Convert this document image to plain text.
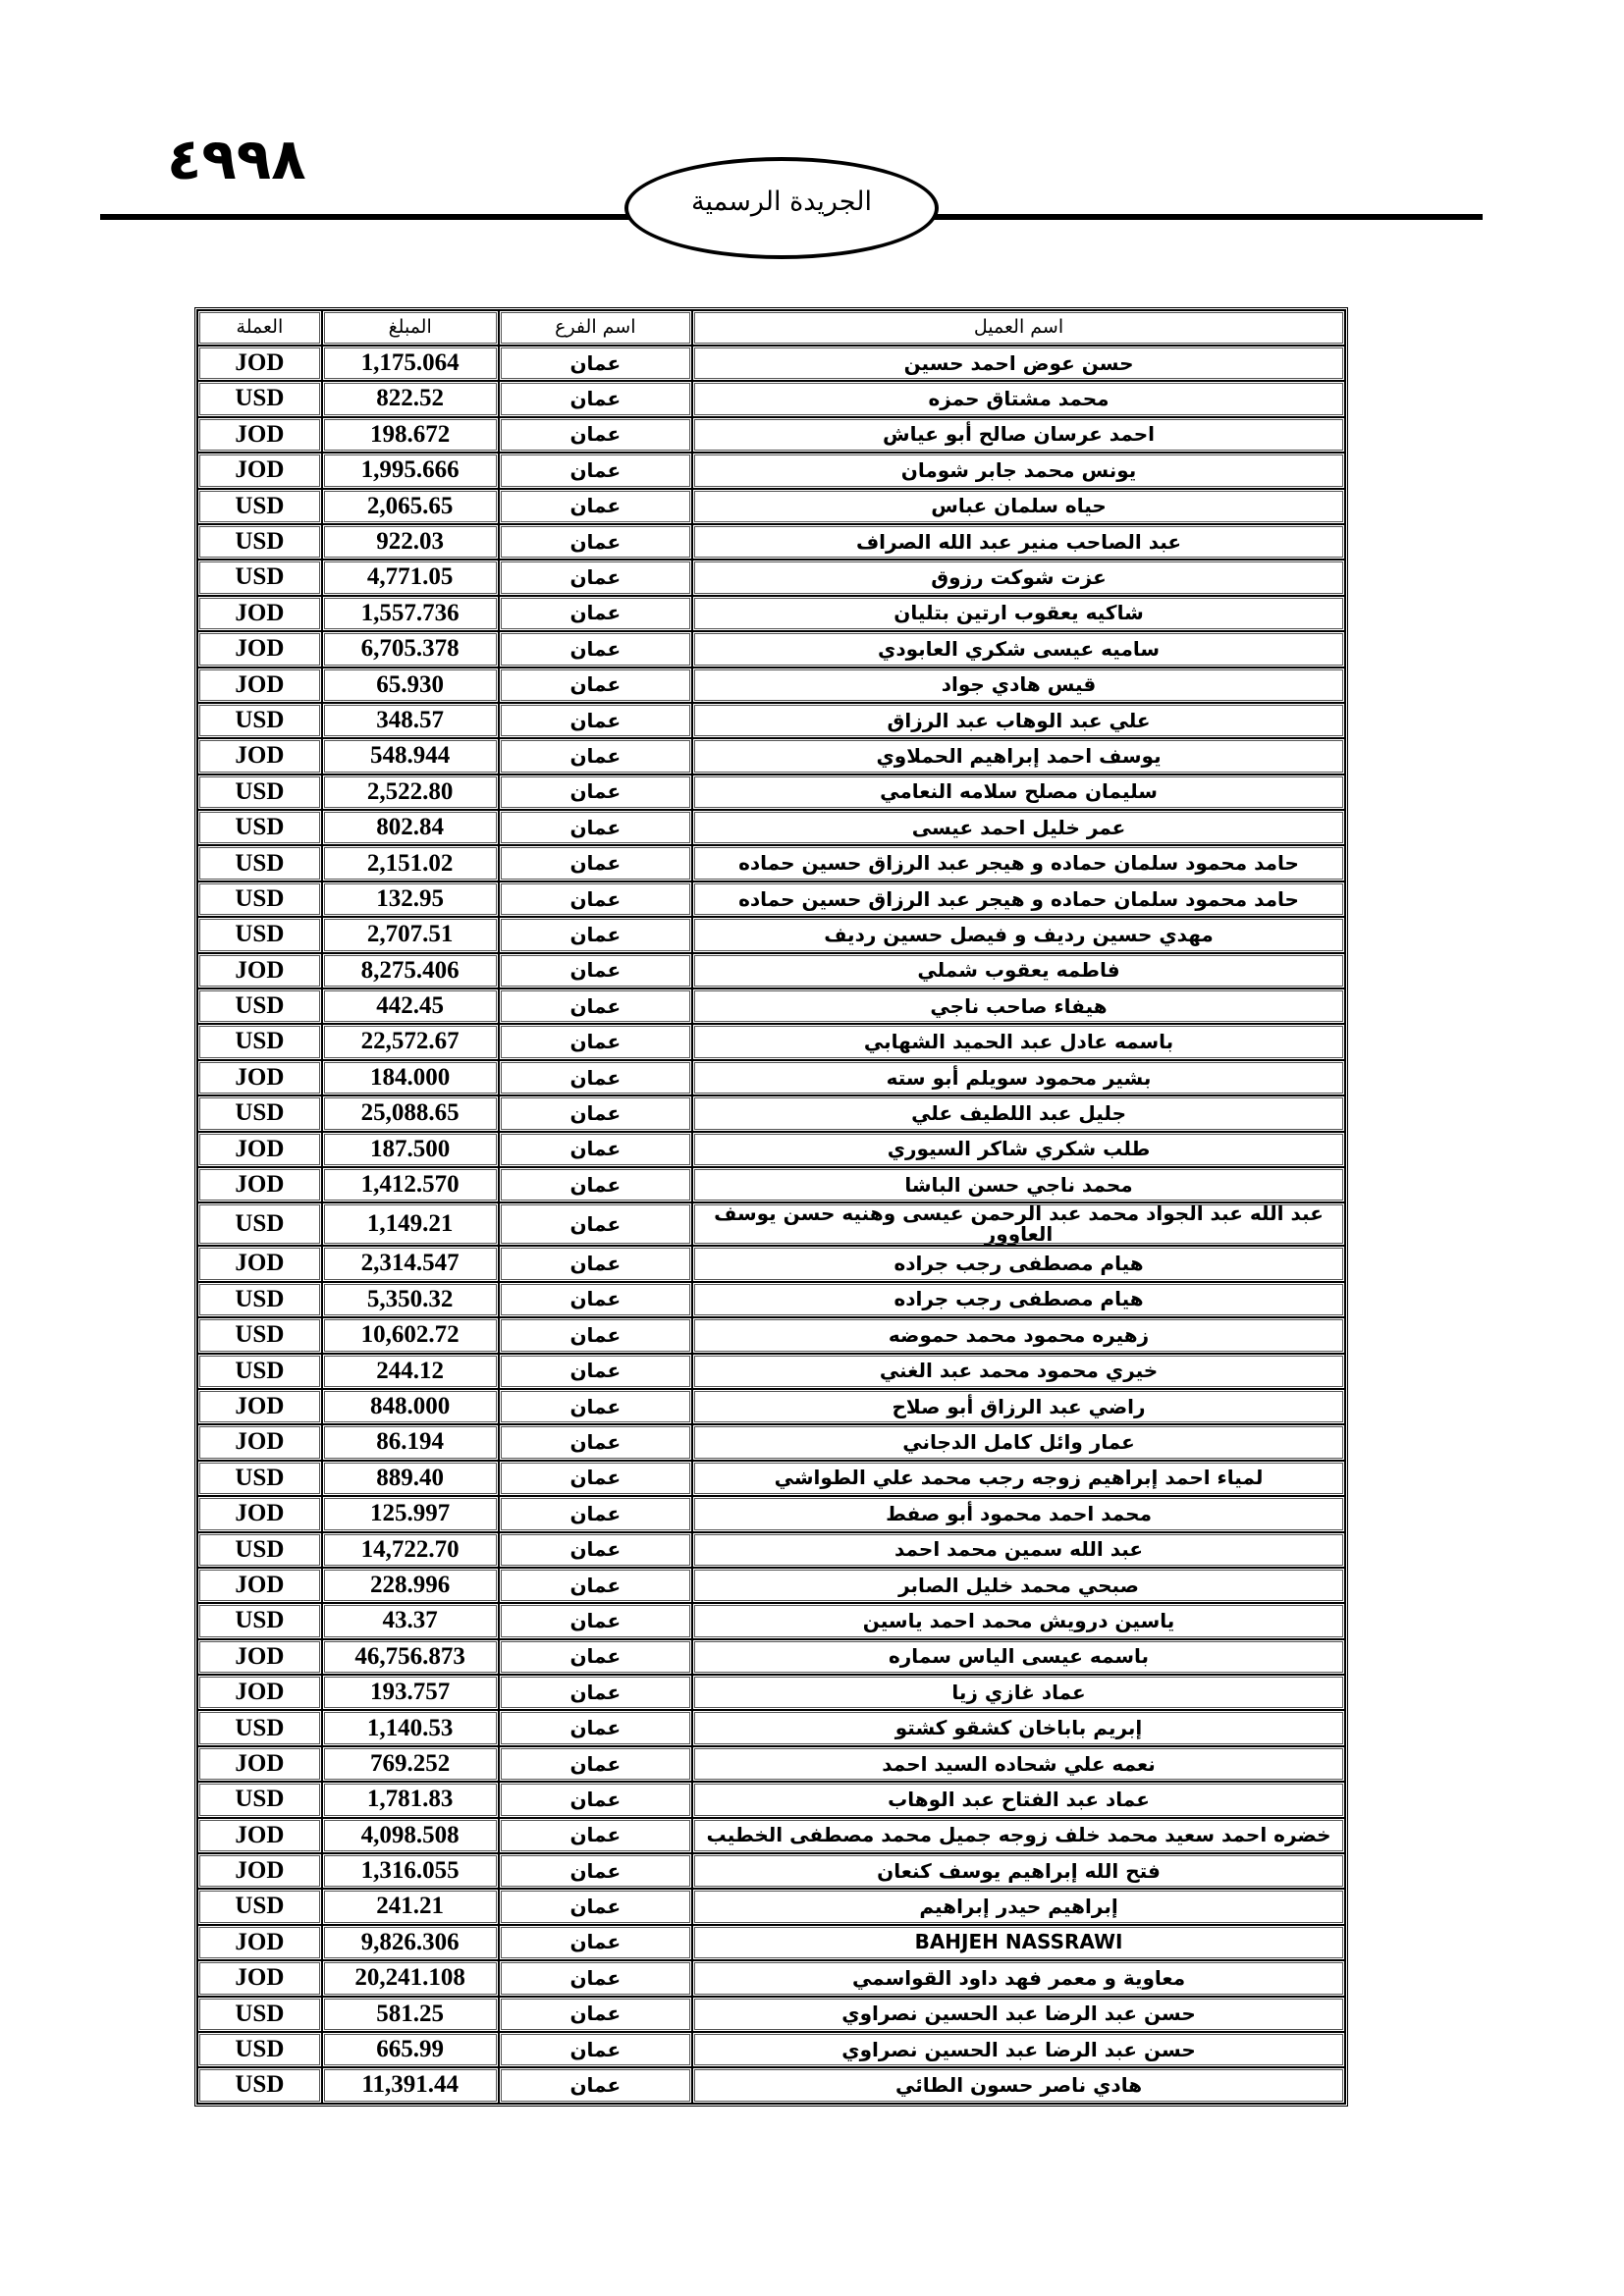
٤٩٩٨
الجريدة الرسمية
اسم العميل	اسم الفرع	المبلغ	العملة
حسن عوض احمد حسين	عمان	1,175.064	JOD
محمد مشتاق حمزه	عمان	822.52	USD
احمد عرسان صالح أبو عياش	عمان	198.672	JOD
يونس محمد جابر شومان	عمان	1,995.666	JOD
حياه سلمان عباس	عمان	2,065.65	USD
عبد الصاحب منير عبد الله الصراف	عمان	922.03	USD
عزت شوكت رزوق	عمان	4,771.05	USD
شاكيه يعقوب ارتين بتليان	عمان	1,557.736	JOD
ساميه عيسى شكري العابودي	عمان	6,705.378	JOD
قيس هادي جواد	عمان	65.930	JOD
علي عبد الوهاب عبد الرزاق	عمان	348.57	USD
يوسف احمد إبراهيم الحملاوي	عمان	548.944	JOD
سليمان مصلح سلامه النعامي	عمان	2,522.80	USD
عمر خليل احمد عيسى	عمان	802.84	USD
حامد محمود سلمان حماده و هيجر عبد الرزاق حسين حماده	عمان	2,151.02	USD
حامد محمود سلمان حماده و هيجر عبد الرزاق حسين حماده	عمان	132.95	USD
مهدي حسين رديف و فيصل حسين رديف	عمان	2,707.51	USD
فاطمه يعقوب شملي	عمان	8,275.406	JOD
هيفاء صاحب ناجي	عمان	442.45	USD
باسمه عادل عبد الحميد الشهابي	عمان	22,572.67	USD
بشير محمود سويلم أبو سته	عمان	184.000	JOD
جليل عبد اللطيف علي	عمان	25,088.65	USD
طلب شكري شاكر السيوري	عمان	187.500	JOD
محمد ناجي حسن الباشا	عمان	1,412.570	JOD
عبد الله عبد الجواد محمد عبد الرحمن عيسى وهنيه حسن يوسف العاوور	عمان	1,149.21	USD
هيام مصطفى رجب جراده	عمان	2,314.547	JOD
هيام مصطفى رجب جراده	عمان	5,350.32	USD
زهيره محمود محمد حموضه	عمان	10,602.72	USD
خيري محمود محمد عبد الغني	عمان	244.12	USD
راضي عبد الرزاق أبو صلاح	عمان	848.000	JOD
عمار وائل كامل الدجاني	عمان	86.194	JOD
لمياء احمد إبراهيم زوجه رجب محمد علي الطواشي	عمان	889.40	USD
محمد احمد محمود أبو صفط	عمان	125.997	JOD
عبد الله سمين محمد احمد	عمان	14,722.70	USD
صبحي محمد خليل الصابر	عمان	228.996	JOD
ياسين درويش محمد احمد ياسين	عمان	43.37	USD
باسمه عيسى الياس سماره	عمان	46,756.873	JOD
عماد غازي زيا	عمان	193.757	JOD
إبريم باباخان كشقو كشتو	عمان	1,140.53	USD
نعمه علي شحاده السيد احمد	عمان	769.252	JOD
عماد عبد الفتاح عبد الوهاب	عمان	1,781.83	USD
خضره احمد سعيد محمد خلف زوجه جميل محمد مصطفى الخطيب	عمان	4,098.508	JOD
فتح الله إبراهيم يوسف كنعان	عمان	1,316.055	JOD
إبراهيم حيدر إبراهيم	عمان	241.21	USD
BAHJEH NASSRAWI	عمان	9,826.306	JOD
معاوية و معمر فهد داود القواسمي	عمان	20,241.108	JOD
حسن عبد الرضا عبد الحسين نصراوي	عمان	581.25	USD
حسن عبد الرضا عبد الحسين نصراوي	عمان	665.99	USD
هادي ناصر حسون الطائي	عمان	11,391.44	USD
